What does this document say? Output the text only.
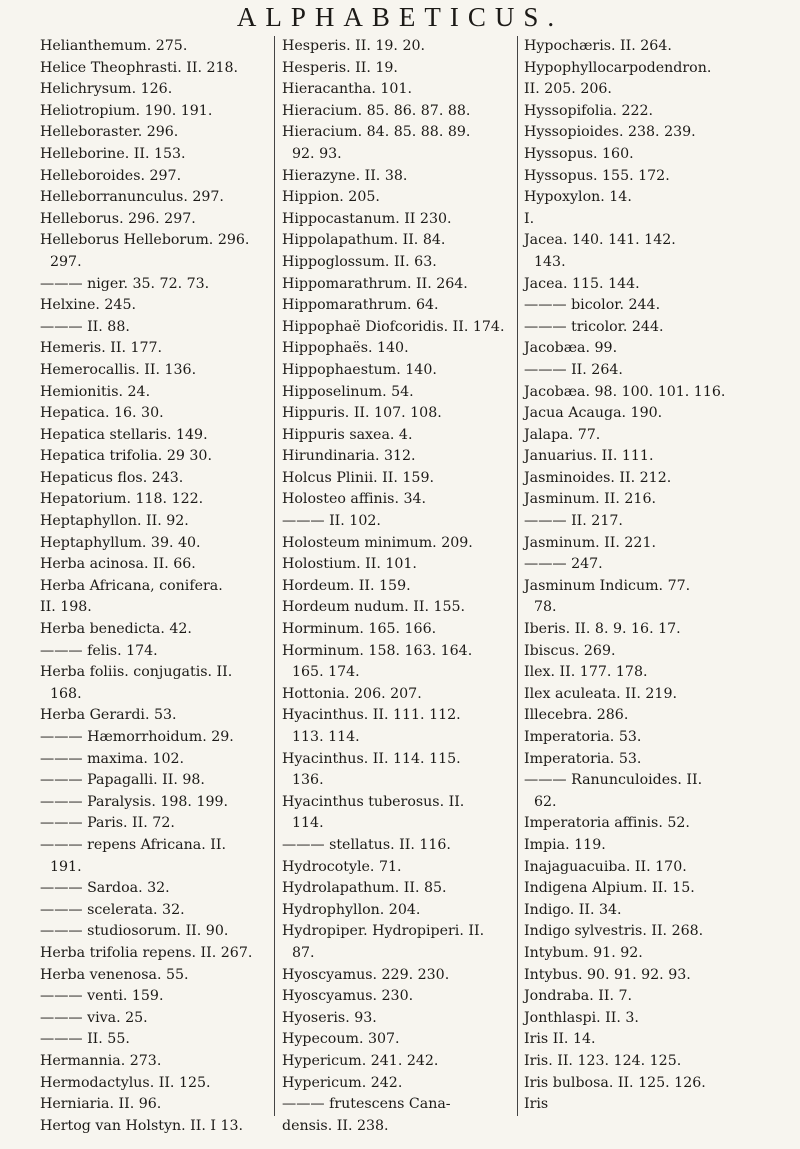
ALPHABETICUS.
Helianthemum. 275.
Helice Theophrasti. II. 218.
Helichrysum. 126.
Heliotropium. 190. 191.
Helleboraster. 296.
Helleborine. II. 153.
Helleboroides. 297.
Helleborranunculus. 297.
Helleborus. 296. 297.
Helleborus Helleborum. 296.
297.
——— niger. 35. 72. 73.
Helxine. 245.
——— II. 88.
Hemeris. II. 177.
Hemerocallis. II. 136.
Hemionitis. 24.
Hepatica. 16. 30.
Hepatica stellaris. 149.
Hepatica trifolia. 29 30.
Hepaticus flos. 243.
Hepatorium. 118. 122.
Heptaphyllon. II. 92.
Heptaphyllum. 39. 40.
Herba acinosa. II. 66.
Herba Africana, conifera.
II. 198.
Herba benedicta. 42.
——— felis. 174.
Herba foliis. conjugatis. II.
168.
Herba Gerardi. 53.
——— Hæmorrhoidum. 29.
——— maxima. 102.
——— Papagalli. II. 98.
——— Paralysis. 198. 199.
——— Paris. II. 72.
——— repens Africana. II.
191.
——— Sardoa. 32.
——— scelerata. 32.
——— studiosorum. II. 90.
Herba trifolia repens. II. 267.
Herba venenosa. 55.
——— venti. 159.
——— viva. 25.
——— II. 55.
Hermannia. 273.
Hermodactylus. II. 125.
Herniaria. II. 96.
Hertog van Holstyn. II. I 13.
Hesperis. II. 19. 20.
Hesperis. II. 19.
Hieracantha. 101.
Hieracium. 85. 86. 87. 88.
Hieracium. 84. 85. 88. 89.
92. 93.
Hierazyne. II. 38.
Hippion. 205.
Hippocastanum. II 230.
Hippolapathum. II. 84.
Hippoglossum. II. 63.
Hippomarathrum. II. 264.
Hippomarathrum. 64.
Hippophaë Diofcoridis. II. 174.
Hippophaës. 140.
Hippophaestum. 140.
Hipposelinum. 54.
Hippuris. II. 107. 108.
Hippuris saxea. 4.
Hirundinaria. 312.
Holcus Plinii. II. 159.
Holosteo affinis. 34.
——— II. 102.
Holosteum minimum. 209.
Holostium. II. 101.
Hordeum. II. 159.
Hordeum nudum. II. 155.
Horminum. 165. 166.
Horminum. 158. 163. 164.
165. 174.
Hottonia. 206. 207.
Hyacinthus. II. 111. 112.
113. 114.
Hyacinthus. II. 114. 115.
136.
Hyacinthus tuberosus. II.
114.
——— stellatus. II. 116.
Hydrocotyle. 71.
Hydrolapathum. II. 85.
Hydrophyllon. 204.
Hydropiper. Hydropiperi. II.
87.
Hyoscyamus. 229. 230.
Hyoscyamus. 230.
Hyoseris. 93.
Hypecoum. 307.
Hypericum. 241. 242.
Hypericum. 242.
——— frutescens Cana-
densis. II. 238.
Hypochæris. II. 264.
Hypophyllocarpodendron.
II. 205. 206.
Hyssopifolia. 222.
Hyssopioides. 238. 239.
Hyssopus. 160.
Hyssopus. 155. 172.
Hypoxylon. 14.
I.
Jacea. 140. 141. 142.
143.
Jacea. 115. 144.
——— bicolor. 244.
——— tricolor. 244.
Jacobæa. 99.
——— II. 264.
Jacobæa. 98. 100. 101. 116.
Jacua Acauga. 190.
Jalapa. 77.
Januarius. II. 111.
Jasminoides. II. 212.
Jasminum. II. 216.
——— II. 217.
Jasminum. II. 221.
——— 247.
Jasminum Indicum. 77.
78.
Iberis. II. 8. 9. 16. 17.
Ibiscus. 269.
Ilex. II. 177. 178.
Ilex aculeata. II. 219.
Illecebra. 286.
Imperatoria. 53.
Imperatoria. 53.
——— Ranunculoides. II.
62.
Imperatoria affinis. 52.
Impia. 119.
Inajaguacuiba. II. 170.
Indigena Alpium. II. 15.
Indigo. II. 34.
Indigo sylvestris. II. 268.
Intybum. 91. 92.
Intybus. 90. 91. 92. 93.
Jondraba. II. 7.
Jonthlaspi. II. 3.
Iris II. 14.
Iris. II. 123. 124. 125.
Iris bulbosa. II. 125. 126.
Iris
